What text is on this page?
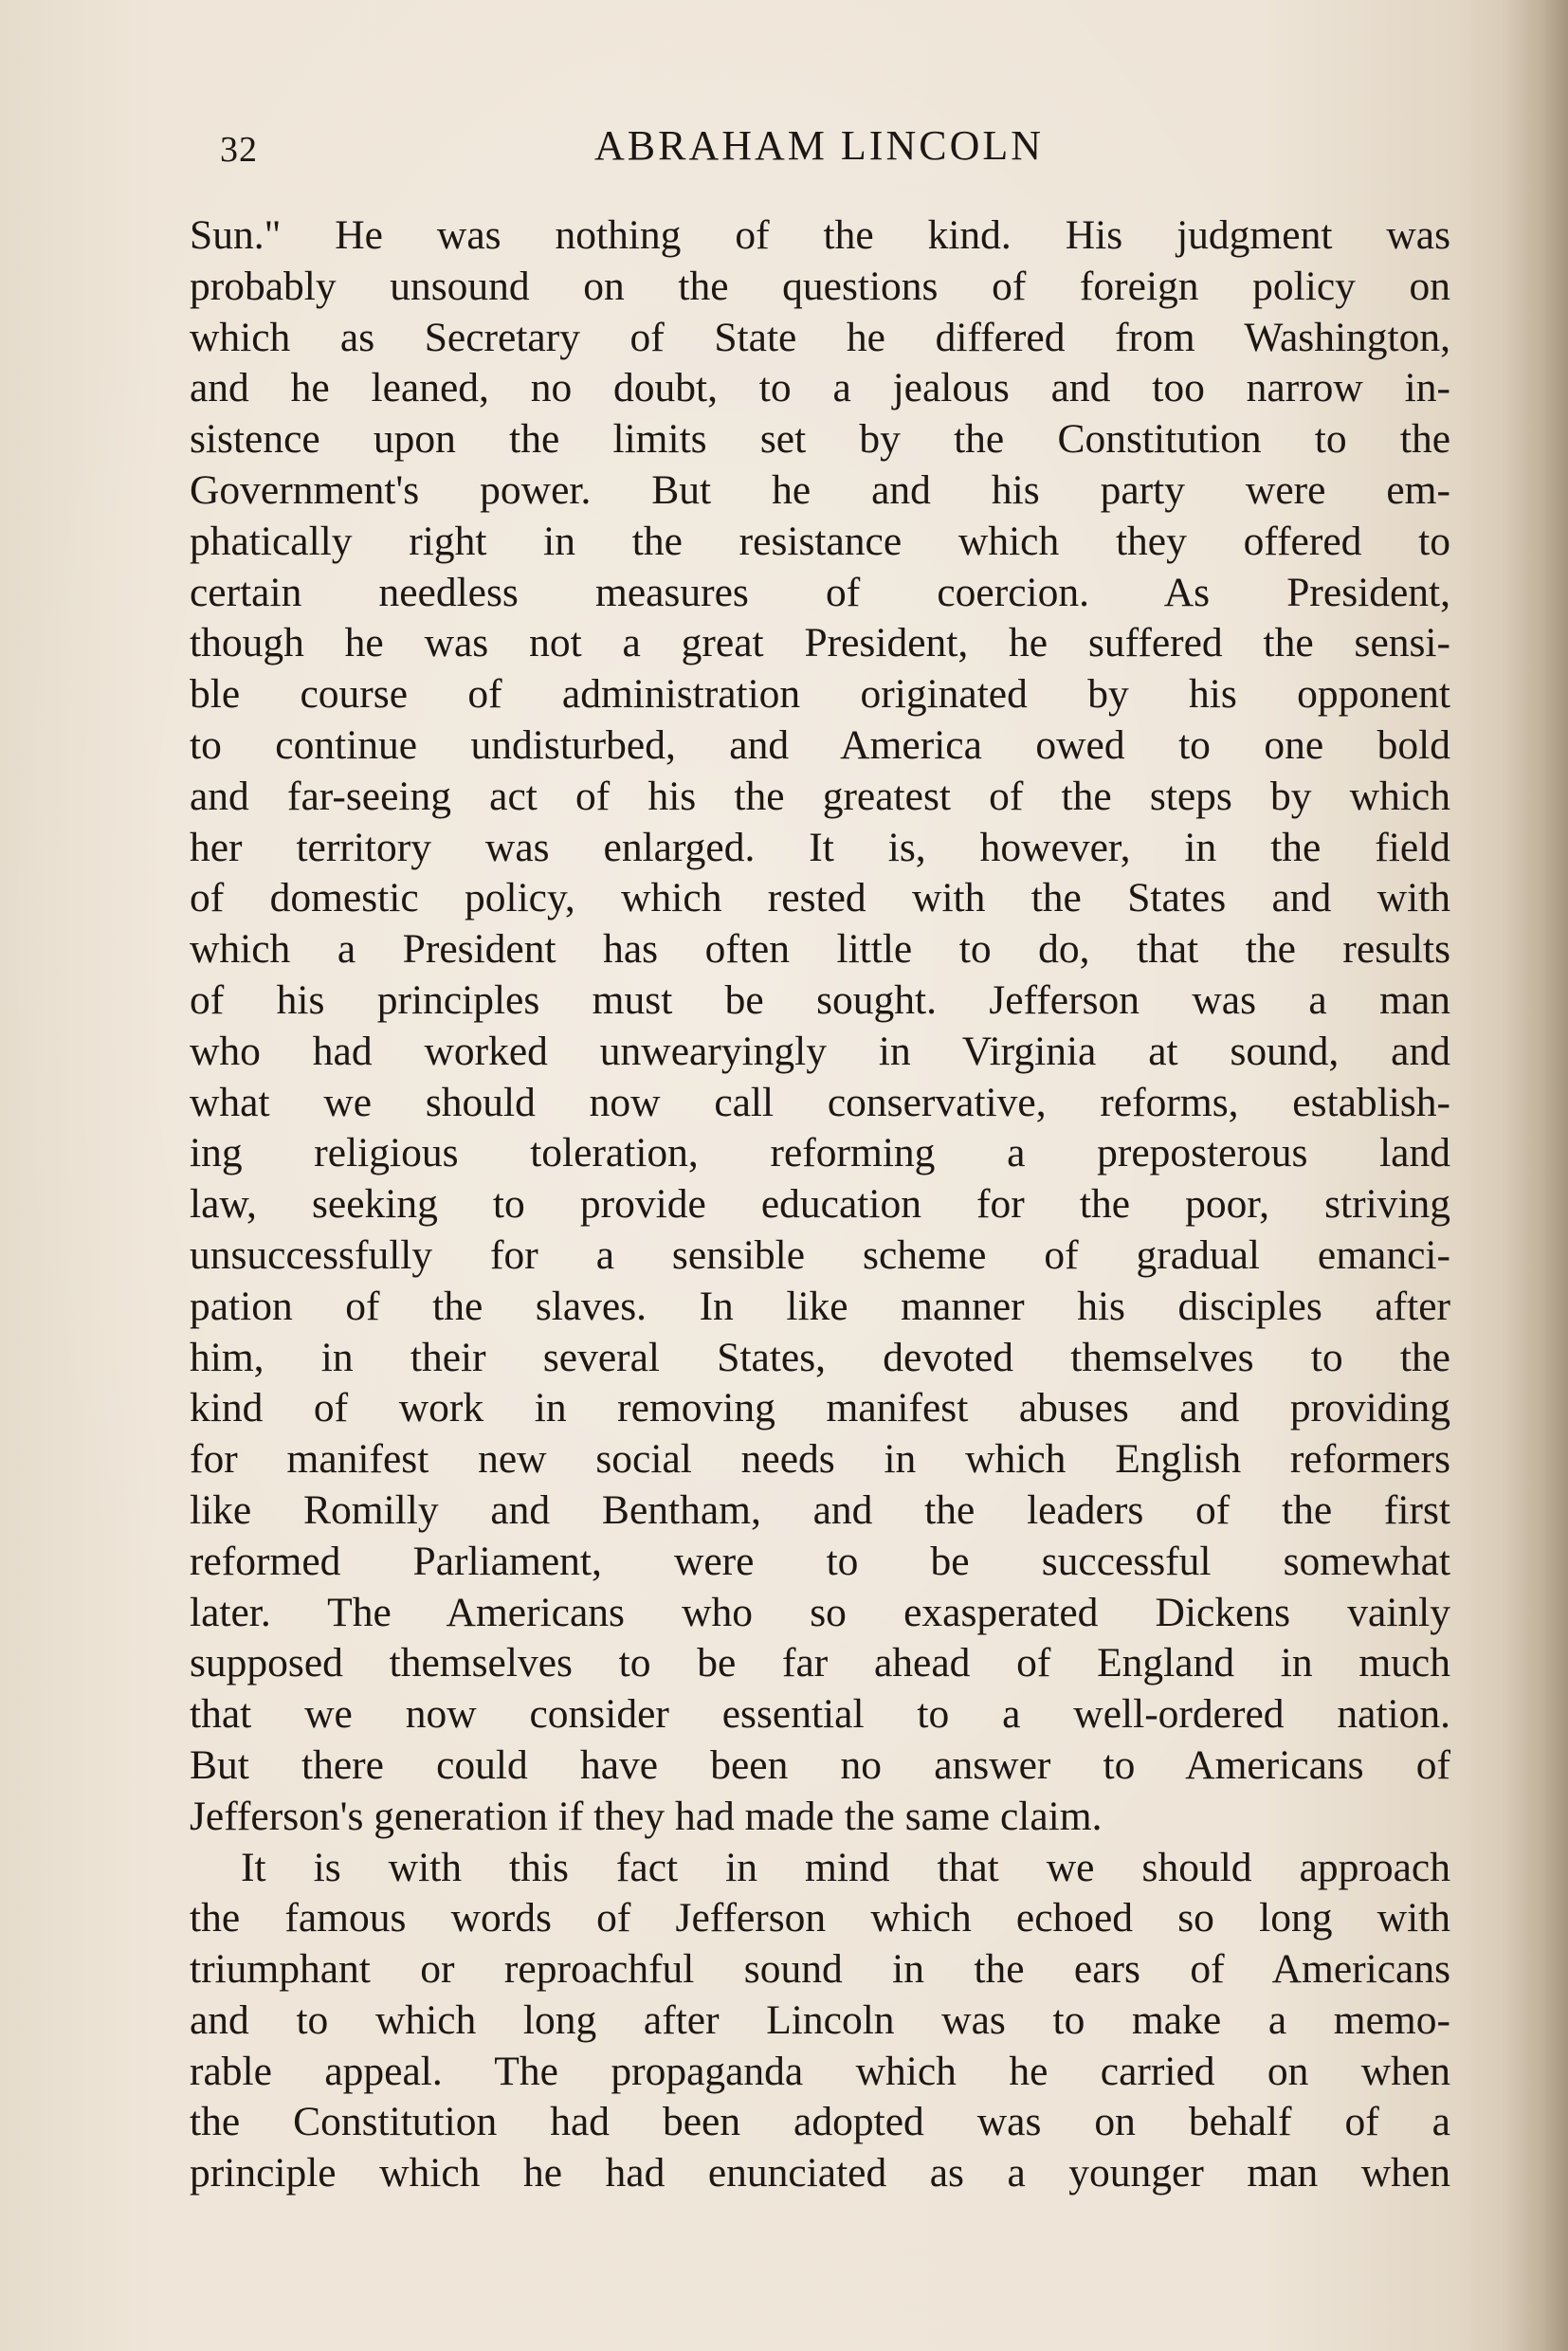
32	ABRAHAM LINCOLN
Sun." He was nothing of the kind. His judgment was
probably unsound on the questions of foreign policy on
which as Secretary of State he differed from Washington,
and he leaned, no doubt, to a jealous and too narrow in-
sistence upon the limits set by the Constitution to the
Government's power. But he and his party were em-
phatically right in the resistance which they offered to
certain needless measures of coercion. As President,
though he was not a great President, he suffered the sensi-
ble course of administration originated by his opponent
to continue undisturbed, and America owed to one bold
and far-seeing act of his the greatest of the steps by which
her territory was enlarged. It is, however, in the field
of domestic policy, which rested with the States and with
which a President has often little to do, that the results
of his principles must be sought. Jefferson was a man
who had worked unwearyingly in Virginia at sound, and
what we should now call conservative, reforms, establish-
ing religious toleration, reforming a preposterous land
law, seeking to provide education for the poor, striving
unsuccessfully for a sensible scheme of gradual emanci-
pation of the slaves. In like manner his disciples after
him, in their several States, devoted themselves to the
kind of work in removing manifest abuses and providing
for manifest new social needs in which English reformers
like Romilly and Bentham, and the leaders of the first
reformed Parliament, were to be successful somewhat
later. The Americans who so exasperated Dickens vainly
supposed themselves to be far ahead of England in much
that we now consider essential to a well-ordered nation.
But there could have been no answer to Americans of
Jefferson's generation if they had made the same claim.
It is with this fact in mind that we should approach
the famous words of Jefferson which echoed so long with
triumphant or reproachful sound in the ears of Americans
and to which long after Lincoln was to make a memo-
rable appeal. The propaganda which he carried on when
the Constitution had been adopted was on behalf of a
principle which he had enunciated as a younger man when
